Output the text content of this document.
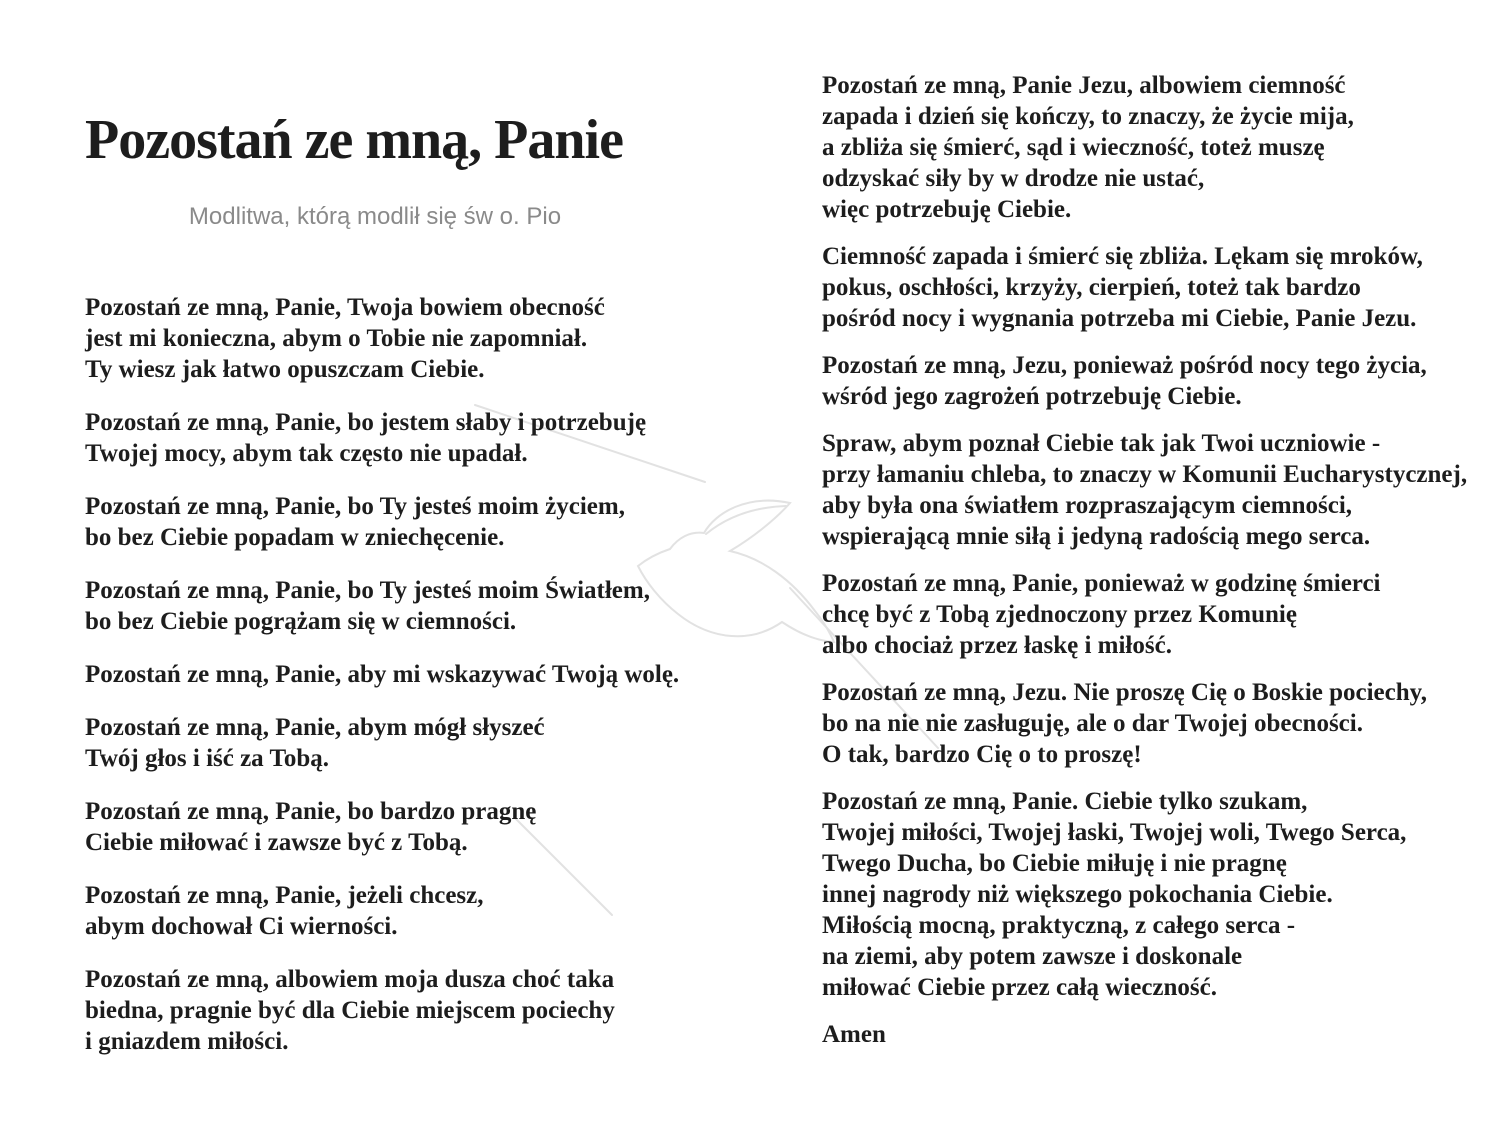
Pozostań ze mną, Panie
Modlitwa, którą modlił się św o. Pio

Pozostań ze mną, Panie, Twoja bowiem obecność
jest mi konieczna, abym o Tobie nie zapomniał.
Ty wiesz jak łatwo opuszczam Ciebie.

Pozostań ze mną, Panie, bo jestem słaby i potrzebuję
Twojej mocy, abym tak często nie upadał.

Pozostań ze mną, Panie, bo Ty jesteś moim życiem,
bo bez Ciebie popadam w zniechęcenie.

Pozostań ze mną, Panie, bo Ty jesteś moim Światłem,
bo bez Ciebie pogrążam się w ciemności.

Pozostań ze mną, Panie, aby mi wskazywać Twoją wolę.

Pozostań ze mną, Panie, abym mógł słyszeć
Twój głos i iść za Tobą.

Pozostań ze mną, Panie, bo bardzo pragnę
Ciebie miłować i zawsze być z Tobą.

Pozostań ze mną, Panie, jeżeli chcesz,
abym dochował Ci wierności.

Pozostań ze mną, albowiem moja dusza choć taka
biedna, pragnie być dla Ciebie miejscem pociechy
i gniazdem miłości.

Pozostań ze mną, Panie Jezu, albowiem ciemność
zapada i dzień się kończy, to znaczy, że życie mija,
a zbliża się śmierć, sąd i wieczność, toteż muszę
odzyskać siły by w drodze nie ustać,
więc potrzebuję Ciebie.

Ciemność zapada i śmierć się zbliża. Lękam się mroków,
pokus, oschłości, krzyży, cierpień, toteż tak bardzo
pośród nocy i wygnania potrzeba mi Ciebie, Panie Jezu.

Pozostań ze mną, Jezu, ponieważ pośród nocy tego życia,
wśród jego zagrożeń potrzebuję Ciebie.

Spraw, abym poznał Ciebie tak jak Twoi uczniowie -
przy łamaniu chleba, to znaczy w Komunii Eucharystycznej,
aby była ona światłem rozpraszającym ciemności,
wspierającą mnie siłą i jedyną radością mego serca.

Pozostań ze mną, Panie, ponieważ w godzinę śmierci
chcę być z Tobą zjednoczony przez Komunię
albo chociaż przez łaskę i miłość.

Pozostań ze mną, Jezu. Nie proszę Cię o Boskie pociechy,
bo na nie nie zasługuję, ale o dar Twojej obecności.
O tak, bardzo Cię o to proszę!

Pozostań ze mną, Panie. Ciebie tylko szukam,
Twojej miłości, Twojej łaski, Twojej woli, Twego Serca,
Twego Ducha, bo Ciebie miłuję i nie pragnę
innej nagrody niż większego pokochania Ciebie.
Miłością mocną, praktyczną, z całego serca -
na ziemi, aby potem zawsze i doskonale
miłować Ciebie przez całą wieczność.

Amen
